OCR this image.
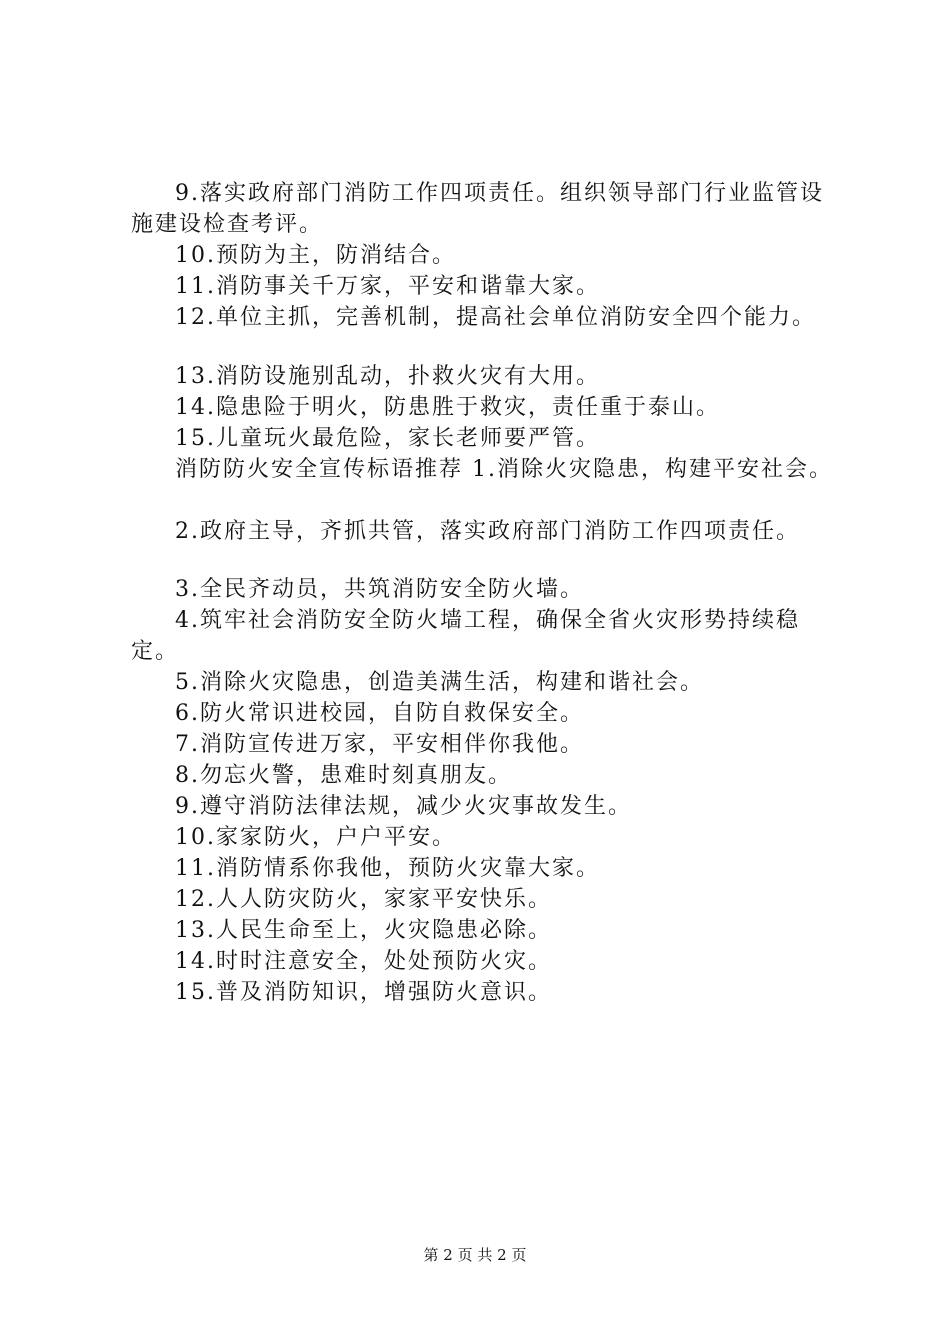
9.落实政府部门消防工作四项责任。组织领导部门行业监管设施建设检查考评。

10.预防为主，防消结合。

11.消防事关千万家，平安和谐靠大家。

12.单位主抓，完善机制，提高社会单位消防安全四个能力。

13.消防设施别乱动，扑救火灾有大用。

14.隐患险于明火，防患胜于救灾，责任重于泰山。

15.儿童玩火最危险，家长老师要严管。

消防防火安全宣传标语推荐 1.消除火灾隐患，构建平安社会。

2.政府主导，齐抓共管，落实政府部门消防工作四项责任。

3.全民齐动员，共筑消防安全防火墙。

4.筑牢社会消防安全防火墙工程，确保全省火灾形势持续稳定。

5.消除火灾隐患，创造美满生活，构建和谐社会。

6.防火常识进校园，自防自救保安全。

7.消防宣传进万家，平安相伴你我他。

8.勿忘火警，患难时刻真朋友。

9.遵守消防法律法规，减少火灾事故发生。

10.家家防火，户户平安。

11.消防情系你我他，预防火灾靠大家。

12.人人防灾防火，家家平安快乐。

13.人民生命至上，火灾隐患必除。

14.时时注意安全，处处预防火灾。

15.普及消防知识，增强防火意识。

第 2 页 共 2 页
